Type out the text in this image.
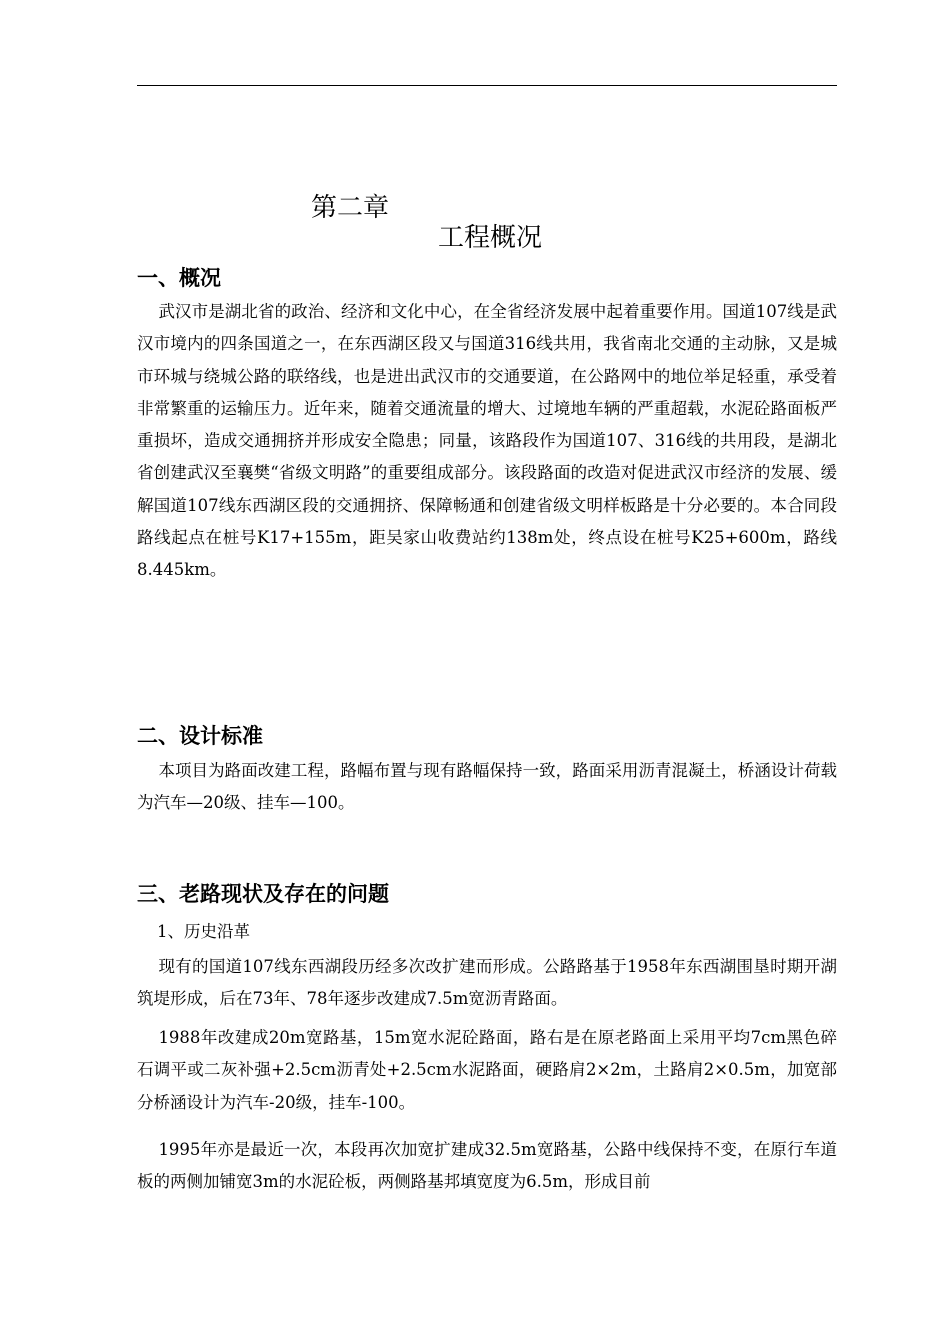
第二章

工程概况

一、概况
武汉市是湖北省的政治、经济和文化中心，在全省经济发展中起着重要作用。国道107线是武汉市境内的四条国道之一，在东西湖区段又与国道316线共用，我省南北交通的主动脉，又是城市环城与绕城公路的联络线，也是进出武汉市的交通要道，在公路网中的地位举足轻重，承受着非常繁重的运输压力。近年来，随着交通流量的增大、过境地车辆的严重超载，水泥砼路面板严重损坏，造成交通拥挤并形成安全隐患；同量，该路段作为国道107、316线的共用段，是湖北省创建武汉至襄樊“省级文明路”的重要组成部分。该段路面的改造对促进武汉市经济的发展、缓解国道107线东西湖区段的交通拥挤、保障畅通和创建省级文明样板路是十分必要的。本合同段路线起点在桩号K17+155m，距吴家山收费站约138m处，终点设在桩号K25+600m，路线8.445km。
二、设计标准
本项目为路面改建工程，路幅布置与现有路幅保持一致，路面采用沥青混凝土，桥涵设计荷载为汽车—20级、挂车—100。
三、老路现状及存在的问题
1、历史沿革
现有的国道107线东西湖段历经多次改扩建而形成。公路路基于1958年东西湖围垦时期开湖筑堤形成，后在73年、78年逐步改建成7.5m宽沥青路面。
1988年改建成20m宽路基，15m宽水泥砼路面，路右是在原老路面上采用平均7cm黑色碎石调平或二灰补强+2.5cm沥青处+2.5cm水泥路面，硬路肩2×2m，土路肩2×0.5m，加宽部分桥涵设计为汽车-20级，挂车-100。
1995年亦是最近一次，本段再次加宽扩建成32.5m宽路基，公路中线保持不变，在原行车道板的两侧加铺宽3m的水泥砼板，两侧路基邦填宽度为6.5m，形成目前
